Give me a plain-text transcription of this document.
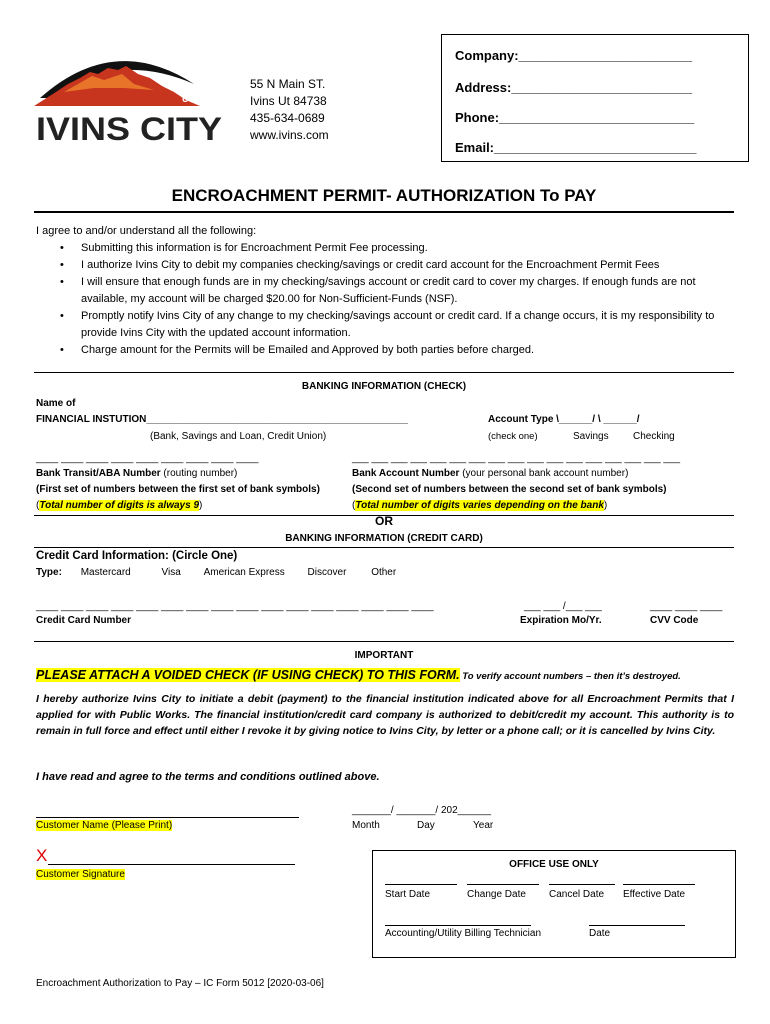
UTAH
IVINS CITY
55 N Main ST.
Ivins Ut 84738
435-634-0689
www.ivins.com
Company:________________________
Address:_________________________
Phone:___________________________
Email:____________________________
ENCROACHMENT PERMIT- AUTHORIZATION To PAY
I agree to and/or understand all the following:
• Submitting this information is for Encroachment Permit Fee processing.
• I authorize Ivins City to debit my companies checking/savings or credit card account for the Encroachment Permit Fees
• I will ensure that enough funds are in my checking/savings account or credit card to cover my charges. If enough funds are not available, my account will be charged $20.00 for Non-Sufficient-Funds (NSF).
• Promptly notify Ivins City of any change to my checking/savings account or credit card. If a change occurs, it is my responsibility to provide Ivins City with the updated account information.
• Charge amount for the Permits will be Emailed and Approved by both parties before charged.
BANKING INFORMATION (CHECK)
Name of
FINANCIAL INSTUTION_______________________________________________
(Bank, Savings and Loan, Credit Union)
Account Type \______/ \ ______/
(check one)	Savings Checking
____ ____ ____ ____ ____ ____ ____ ____ ____	___ ___ ___ ___ ___ ___ ___ ___ ___ ___ ___ ___ ___ ___ ___ ___ ___
Bank Transit/ABA Number (routing number)
(First set of numbers between the first set of bank symbols)
(Total number of digits is always 9)
Bank Account Number (your personal bank account number)
(Second set of numbers between the second set of bank symbols)
(Total number of digits varies depending on the bank)
OR
BANKING INFORMATION (CREDIT CARD)
Credit Card Information: (Circle One)
Type: Mastercard	Visa American Express Discover Other
____ ____ ____ ____ ____ ____ ____ ____ ____ ____ ____ ____ ____ ____ ____ ____	___ ___ /___ ___	____ ____ ____
Credit Card Number	Expiration Mo/Yr.	CVV Code
IMPORTANT
PLEASE ATTACH A VOIDED CHECK (IF USING CHECK) TO THIS FORM. To verify account numbers – then it’s destroyed.
I hereby authorize Ivins City to initiate a debit (payment) to the financial institution indicated above for all Encroachment Permits that I applied for with Public Works. The financial institution/credit card company is authorized to debit/credit my account. This authority is to remain in full force and effect until either I revoke it by giving notice to Ivins City, by letter or a phone call; or it is cancelled by Ivins City.
I have read and agree to the terms and conditions outlined above.
Customer Name (Please Print)
_______/ _______/ 202______
Month	Day	Year
X
Customer Signature
OFFICE USE ONLY
Start Date	Change Date Cancel Date Effective Date
Accounting/Utility Billing Technician	Date
Encroachment Authorization to Pay – IC Form 5012 [2020-03-06]
